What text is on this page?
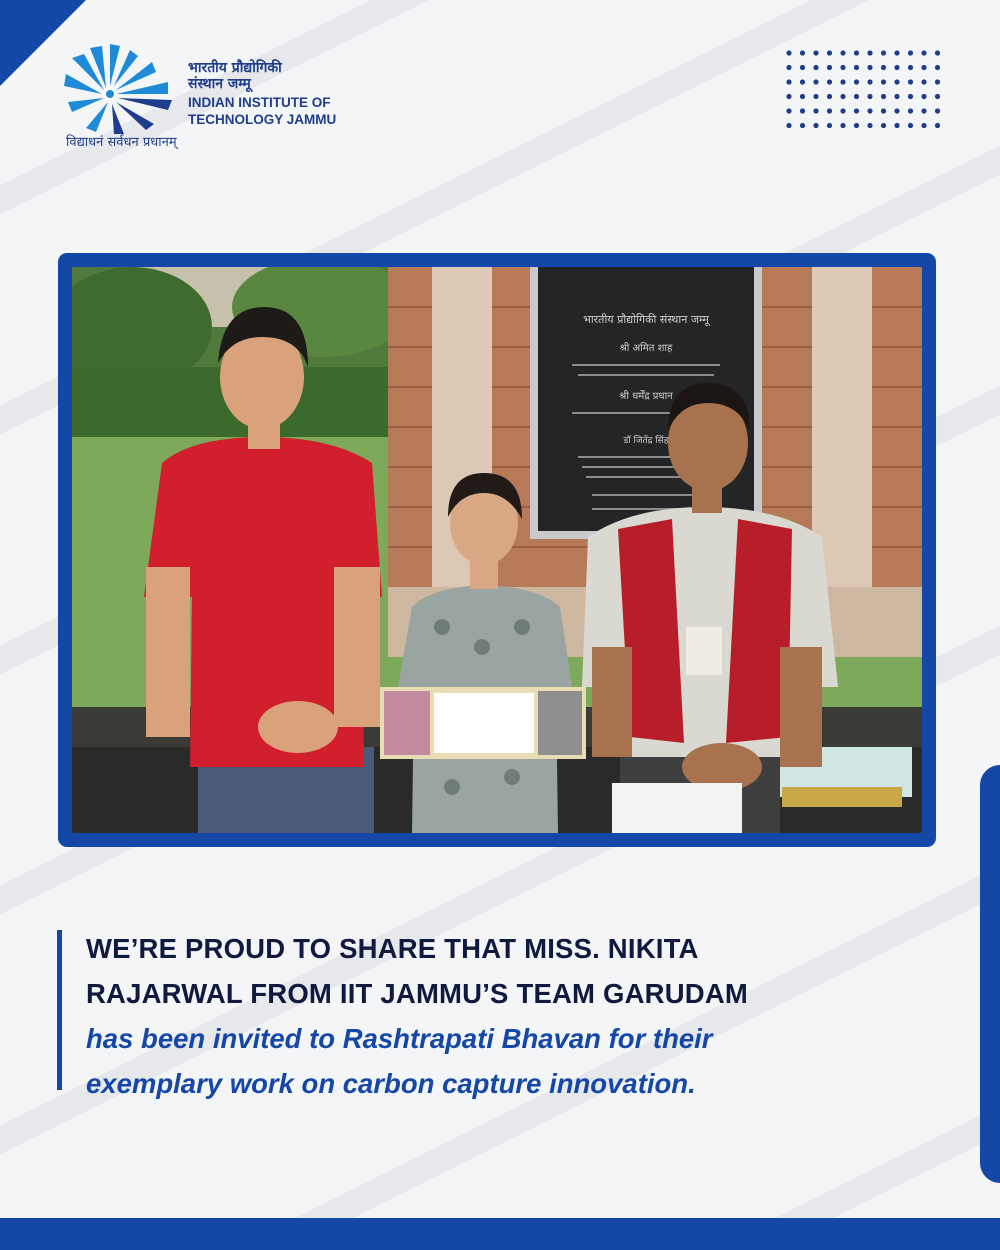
विद्याधनं सर्वधन प्रधानम्

भारतीय प्रौद्योगिकी

संस्थान जम्मू

INDIAN INSTITUTE OF

TECHNOLOGY JAMMU

भारतीय प्रौद्योगिकी संस्थान जम्मू
श्री अमित शाह
श्री धर्मेंद्र प्रधान
डॉ जितेंद्र सिंह

WE’RE PROUD TO SHARE THAT MISS. NIKITA

RAJARWAL FROM IIT JAMMU’S TEAM GARUDAM

has been invited to Rashtrapati Bhavan for their

exemplary work on carbon capture innovation.
